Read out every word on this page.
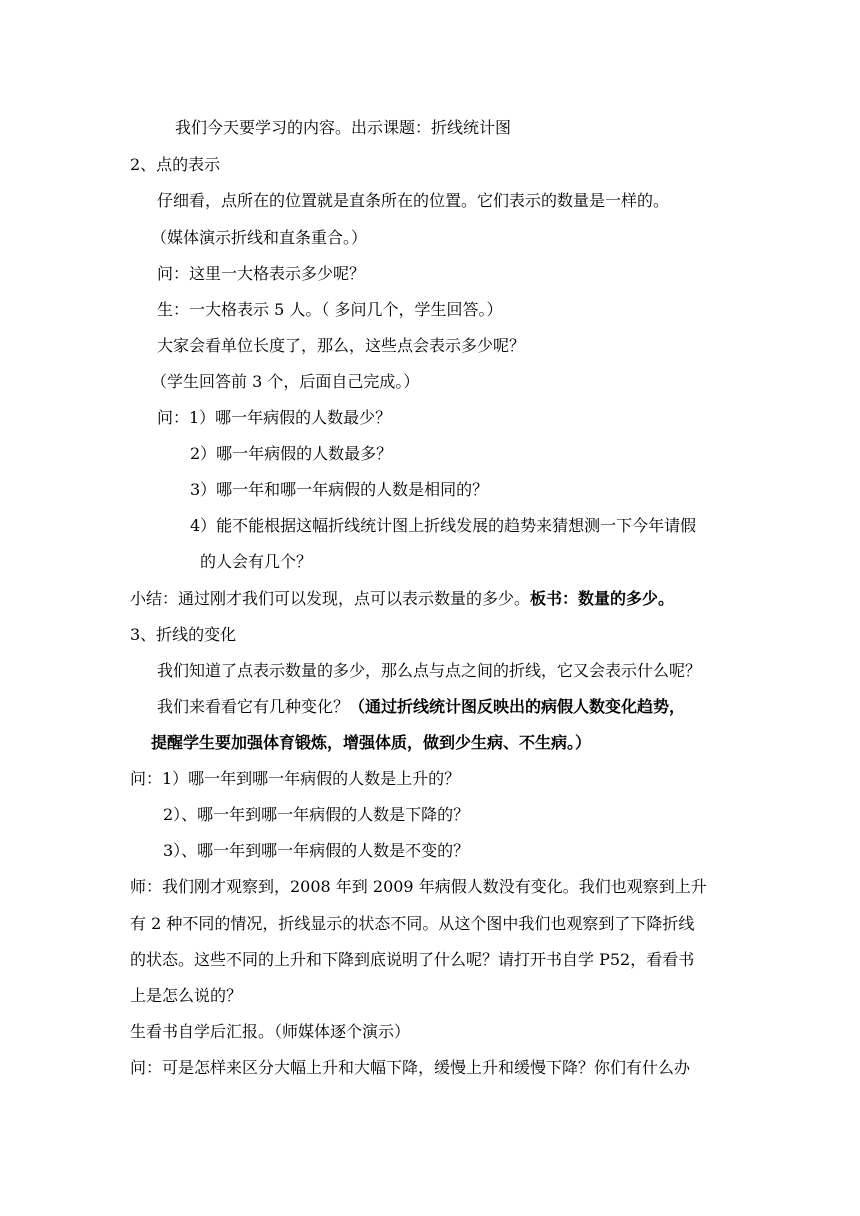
我们今天要学习的内容。出示课题：折线统计图
2、点的表示
仔细看，点所在的位置就是直条所在的位置。它们表示的数量是一样的。
（媒体演示折线和直条重合。）
问：这里一大格表示多少呢？
生：一大格表示 5 人。（ 多问几个，学生回答。）
大家会看单位长度了，那么，这些点会表示多少呢？
（学生回答前 3 个，后面自己完成。）
问：1）哪一年病假的人数最少？
2）哪一年病假的人数最多？
3）哪一年和哪一年病假的人数是相同的？
4）能不能根据这幅折线统计图上折线发展的趋势来猜想测一下今年请假
的人会有几个？
小结：通过刚才我们可以发现，点可以表示数量的多少。板书：数量的多少。
3、折线的变化
我们知道了点表示数量的多少，那么点与点之间的折线，它又会表示什么呢？
我们来看看它有几种变化？（通过折线统计图反映出的病假人数变化趋势，
提醒学生要加强体育锻炼，增强体质，做到少生病、不生病。）
问：1）哪一年到哪一年病假的人数是上升的？
2）、哪一年到哪一年病假的人数是下降的？
3）、哪一年到哪一年病假的人数是不变的？
师：我们刚才观察到，2008 年到 2009 年病假人数没有变化。我们也观察到上升
有 2 种不同的情况，折线显示的状态不同。从这个图中我们也观察到了下降折线
的状态。这些不同的上升和下降到底说明了什么呢？请打开书自学 P52，看看书
上是怎么说的？
生看书自学后汇报。（师媒体逐个演示）
问：可是怎样来区分大幅上升和大幅下降，缓慢上升和缓慢下降？你们有什么办
